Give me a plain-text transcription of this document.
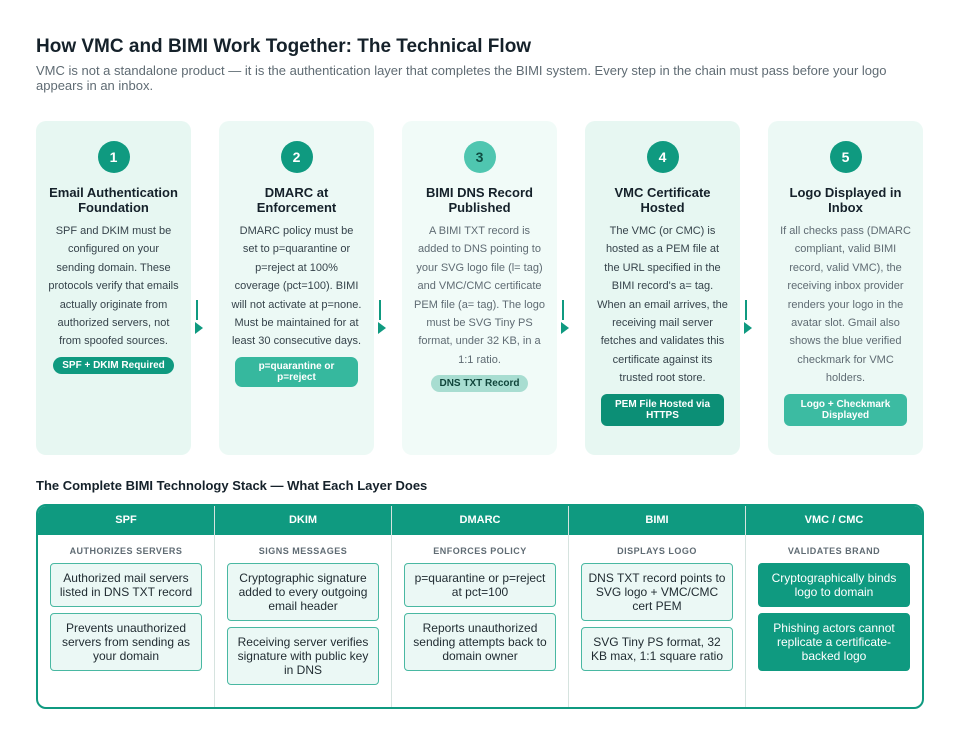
How VMC and BIMI Work Together: The Technical Flow
VMC is not a standalone product — it is the authentication layer that completes the BIMI system. Every step in the chain must pass before your logo appears in an inbox.
1
Email Authentication Foundation
SPF and DKIM must be configured on your sending domain. These protocols verify that emails actually originate from authorized servers, not from spoofed sources.
SPF + DKIM Required
2
DMARC at Enforcement
DMARC policy must be set to p=quarantine or p=reject at 100% coverage (pct=100). BIMI will not activate at p=none. Must be maintained for at least 30 consecutive days.
p=quarantine or p=reject
3
BIMI DNS Record Published
A BIMI TXT record is added to DNS pointing to your SVG logo file (l= tag) and VMC/CMC certificate PEM file (a= tag). The logo must be SVG Tiny PS format, under 32 KB, in a 1:1 ratio.
DNS TXT Record
4
VMC Certificate Hosted
The VMC (or CMC) is hosted as a PEM file at the URL specified in the BIMI record's a= tag. When an email arrives, the receiving mail server fetches and validates this certificate against its trusted root store.
PEM File Hosted via HTTPS
5
Logo Displayed in Inbox
If all checks pass (DMARC compliant, valid BIMI record, valid VMC), the receiving inbox provider renders your logo in the avatar slot. Gmail also shows the blue verified checkmark for VMC holders.
Logo + Checkmark Displayed
The Complete BIMI Technology Stack — What Each Layer Does
SPF
AUTHORIZES SERVERS
Authorized mail servers listed in DNS TXT record
Prevents unauthorized servers from sending as your domain
DKIM
SIGNS MESSAGES
Cryptographic signature added to every outgoing email header
Receiving server verifies signature with public key in DNS
DMARC
ENFORCES POLICY
p=quarantine or p=reject at pct=100
Reports unauthorized sending attempts back to domain owner
BIMI
DISPLAYS LOGO
DNS TXT record points to SVG logo + VMC/CMC cert PEM
SVG Tiny PS format, 32 KB max, 1:1 square ratio
VMC / CMC
VALIDATES BRAND
Cryptographically binds logo to domain
Phishing actors cannot replicate a certificate-backed logo
